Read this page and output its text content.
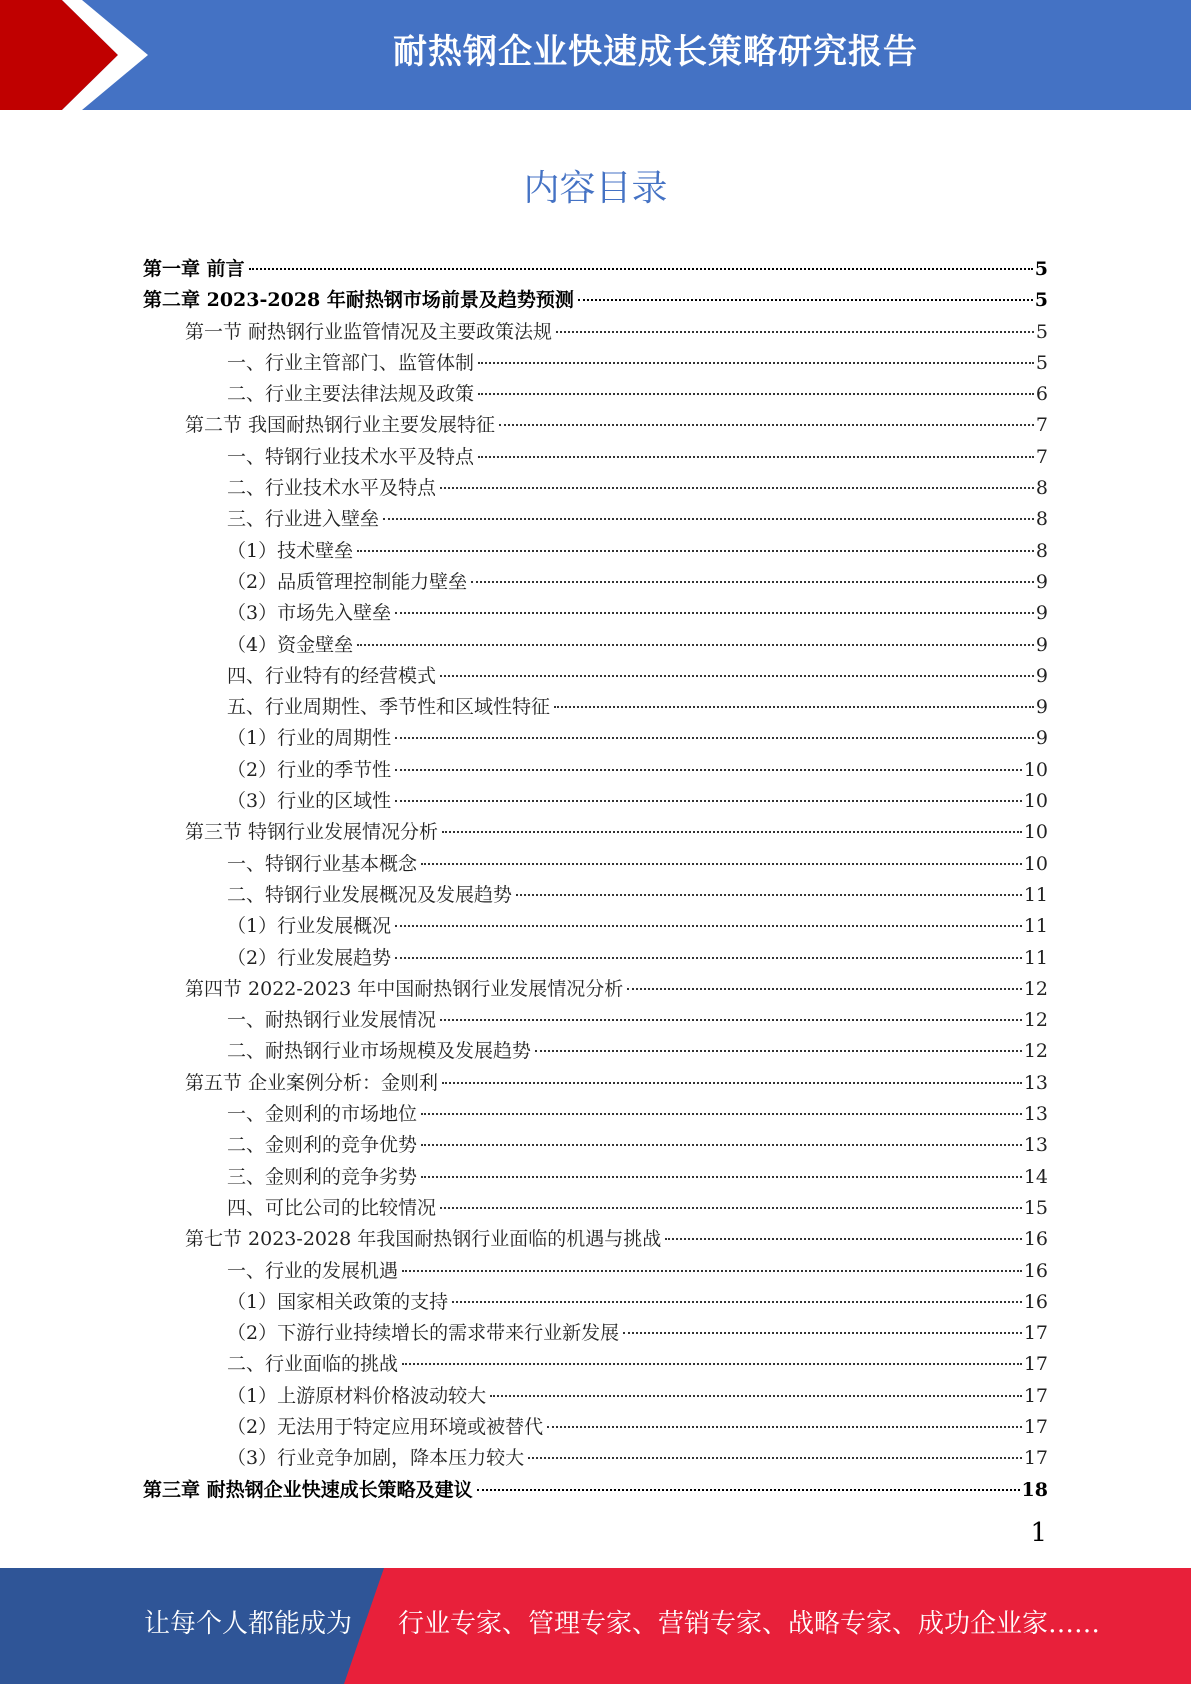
耐热钢企业快速成长策略研究报告
内容目录
第一章 前言	5
第二章 2023-2028 年耐热钢市场前景及趋势预测	5
第一节 耐热钢行业监管情况及主要政策法规	5
一、行业主管部门、监管体制	5
二、行业主要法律法规及政策	6
第二节 我国耐热钢行业主要发展特征	7
一、特钢行业技术水平及特点	7
二、行业技术水平及特点	8
三、行业进入壁垒	8
（1）技术壁垒	8
（2）品质管理控制能力壁垒	9
（3）市场先入壁垒	9
（4）资金壁垒	9
四、行业特有的经营模式	9
五、行业周期性、季节性和区域性特征	9
（1）行业的周期性	9
（2）行业的季节性	10
（3）行业的区域性	10
第三节 特钢行业发展情况分析	10
一、特钢行业基本概念	10
二、特钢行业发展概况及发展趋势	11
（1）行业发展概况	11
（2）行业发展趋势	11
第四节 2022-2023 年中国耐热钢行业发展情况分析	12
一、耐热钢行业发展情况	12
二、耐热钢行业市场规模及发展趋势	12
第五节 企业案例分析：金则利	13
一、金则利的市场地位	13
二、金则利的竞争优势	13
三、金则利的竞争劣势	14
四、可比公司的比较情况	15
第七节 2023-2028 年我国耐热钢行业面临的机遇与挑战	16
一、行业的发展机遇	16
（1）国家相关政策的支持	16
（2）下游行业持续增长的需求带来行业新发展	17
二、行业面临的挑战	17
（1）上游原材料价格波动较大	17
（2）无法用于特定应用环境或被替代	17
（3）行业竞争加剧，降本压力较大	17
第三章 耐热钢企业快速成长策略及建议	18
1
让每个人都能成为 行业专家、管理专家、营销专家、战略专家、成功企业家……
